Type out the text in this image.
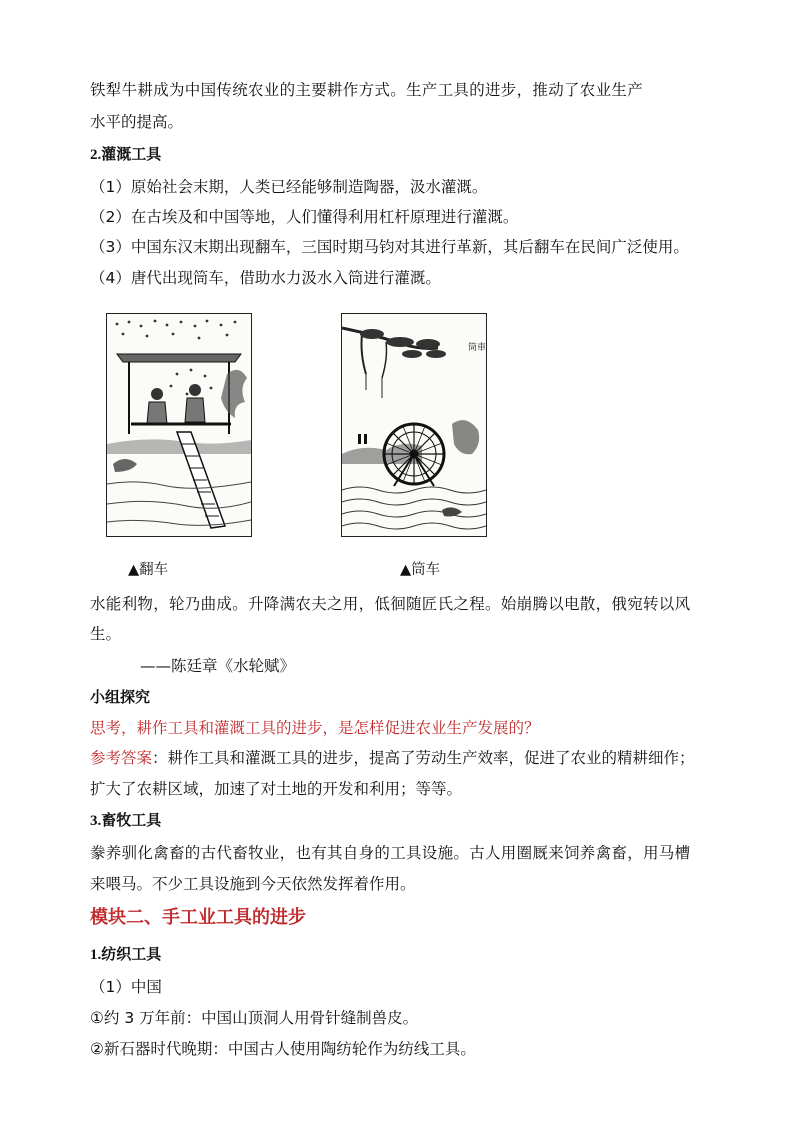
铁犁牛耕成为中国传统农业的主要耕作方式。生产工具的进步，推动了农业生产
水平的提高。
2.灌溉工具
（1）原始社会末期，人类已经能够制造陶器，汲水灌溉。
（2）在古埃及和中国等地，人们懂得利用杠杆原理进行灌溉。
（3）中国东汉末期出现翻车，三国时期马钧对其进行革新，其后翻车在民间广泛使用。
（4）唐代出现筒车，借助水力汲水入筒进行灌溉。
筒車
▲翻车	▲筒车
水能利物，轮乃曲成。升降满农夫之用，低徊随匠氏之程。始崩腾以电散，俄宛转以风
生。
——陈廷章《水轮赋》
小组探究
思考，耕作工具和灌溉工具的进步，是怎样促进农业生产发展的？
参考答案：耕作工具和灌溉工具的进步，提高了劳动生产效率，促进了农业的精耕细作；
扩大了农耕区域，加速了对土地的开发和利用；等等。
3.畜牧工具
豢养驯化禽畜的古代畜牧业，也有其自身的工具设施。古人用圈厩来饲养禽畜，用马槽
来喂马。不少工具设施到今天依然发挥着作用。
模块二、手工业工具的进步
1.纺织工具
（1）中国
①约 3 万年前：中国山顶洞人用骨针缝制兽皮。
②新石器时代晚期：中国古人使用陶纺轮作为纺线工具。
